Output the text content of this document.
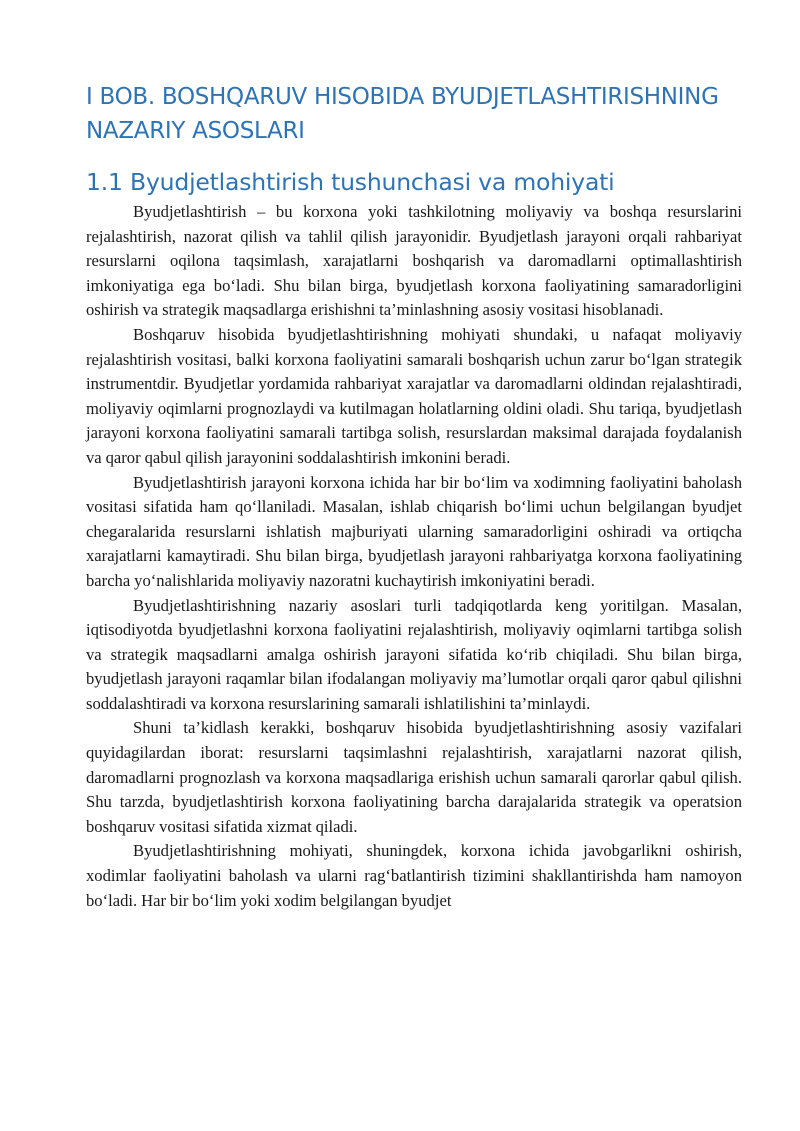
I BOB. BOSHQARUV HISOBIDA BYUDJETLASHTIRISHNING NAZARIY ASOSLARI
1.1 Byudjetlashtirish tushunchasi va mohiyati

Byudjetlashtirish – bu korxona yoki tashkilotning moliyaviy va boshqa resurslarini rejalashtirish, nazorat qilish va tahlil qilish jarayonidir. Byudjetlash jarayoni orqali rahbariyat resurslarni oqilona taqsimlash, xarajatlarni boshqarish va daromadlarni optimallashtirish imkoniyatiga ega bo‘ladi. Shu bilan birga, byudjetlash korxona faoliyatining samaradorligini oshirish va strategik maqsadlarga erishishni ta’minlashning asosiy vositasi hisoblanadi.

Boshqaruv hisobida byudjetlashtirishning mohiyati shundaki, u nafaqat moliyaviy rejalashtirish vositasi, balki korxona faoliyatini samarali boshqarish uchun zarur bo‘lgan strategik instrumentdir. Byudjetlar yordamida rahbariyat xarajatlar va daromadlarni oldindan rejalashtiradi, moliyaviy oqimlarni prognozlaydi va kutilmagan holatlarning oldini oladi. Shu tariqa, byudjetlash jarayoni korxona faoliyatini samarali tartibga solish, resurslardan maksimal darajada foydalanish va qaror qabul qilish jarayonini soddalashtirish imkonini beradi.

Byudjetlashtirish jarayoni korxona ichida har bir bo‘lim va xodimning faoliyatini baholash vositasi sifatida ham qo‘llaniladi. Masalan, ishlab chiqarish bo‘limi uchun belgilangan byudjet chegaralarida resurslarni ishlatish majburiyati ularning samaradorligini oshiradi va ortiqcha xarajatlarni kamaytiradi. Shu bilan birga, byudjetlash jarayoni rahbariyatga korxona faoliyatining barcha yo‘nalishlarida moliyaviy nazoratni kuchaytirish imkoniyatini beradi.

Byudjetlashtirishning nazariy asoslari turli tadqiqotlarda keng yoritilgan. Masalan, iqtisodiyotda byudjetlashni korxona faoliyatini rejalashtirish, moliyaviy oqimlarni tartibga solish va strategik maqsadlarni amalga oshirish jarayoni sifatida ko‘rib chiqiladi. Shu bilan birga, byudjetlash jarayoni raqamlar bilan ifodalangan moliyaviy ma’lumotlar orqali qaror qabul qilishni soddalashtiradi va korxona resurslarining samarali ishlatilishini ta’minlaydi.

Shuni ta’kidlash kerakki, boshqaruv hisobida byudjetlashtirishning asosiy vazifalari quyidagilardan iborat: resurslarni taqsimlashni rejalashtirish, xarajatlarni nazorat qilish, daromadlarni prognozlash va korxona maqsadlariga erishish uchun samarali qarorlar qabul qilish. Shu tarzda, byudjetlashtirish korxona faoliyatining barcha darajalarida strategik va operatsion boshqaruv vositasi sifatida xizmat qiladi.

Byudjetlashtirishning mohiyati, shuningdek, korxona ichida javobgarlikni oshirish, xodimlar faoliyatini baholash va ularni rag‘batlantirish tizimini shakllantirishda ham namoyon bo‘ladi. Har bir bo‘lim yoki xodim belgilangan byudjet
